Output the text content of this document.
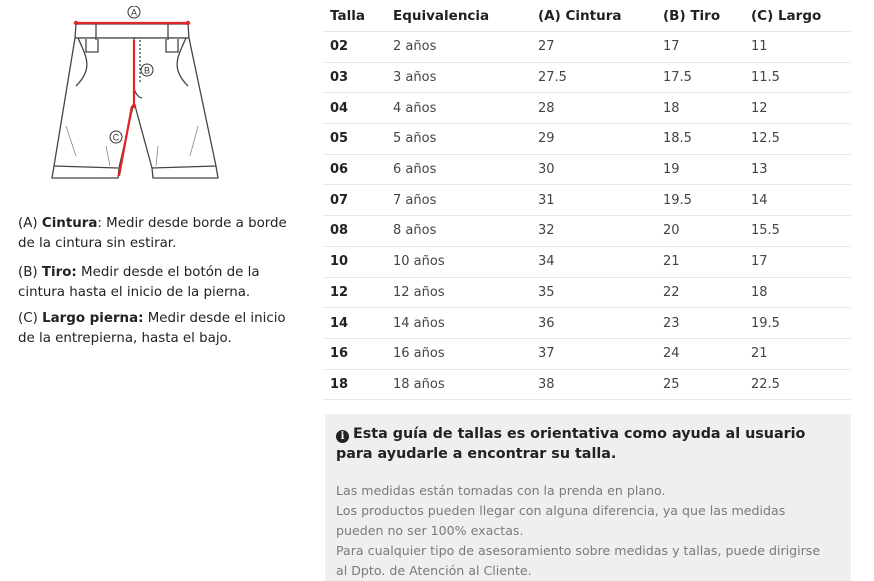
A
B
C
(A) Cintura: Medir desde borde a borde de la cintura sin estirar.
(B) Tiro: Medir desde el botón de la cintura hasta el inicio de la pierna.
(C) Largo pierna: Medir desde el inicio de la entrepierna, hasta el bajo.
Talla	Equivalencia	(A) Cintura	(B) Tiro	(C) Largo
02	2 años	27	17	11
03	3 años	27.5	17.5	11.5
04	4 años	28	18	12
05	5 años	29	18.5	12.5
06	6 años	30	19	13
07	7 años	31	19.5	14
08	8 años	32	20	15.5
10	10 años	34	21	17
12	12 años	35	22	18
14	14 años	36	23	19.5
16	16 años	37	24	21
18	18 años	38	25	22.5
i Esta guía de tallas es orientativa como ayuda al usuario para ayudarle a encontrar su talla.
Las medidas están tomadas con la prenda en plano.
Los productos pueden llegar con alguna diferencia, ya que las medidas
pueden no ser 100% exactas.
Para cualquier tipo de asesoramiento sobre medidas y tallas, puede dirigirse
al Dpto. de Atención al Cliente.
